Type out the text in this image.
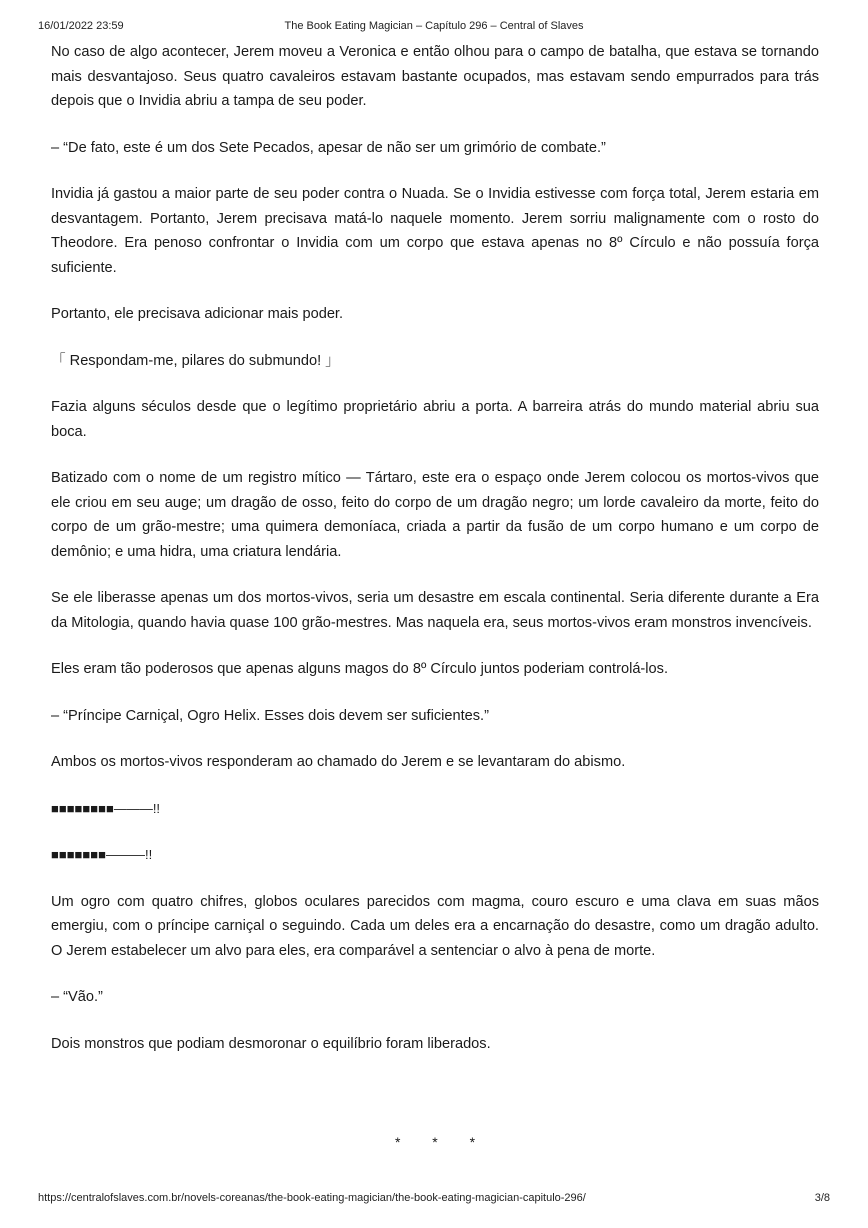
16/01/2022 23:59	The Book Eating Magician – Capítulo 296 – Central of Slaves

No caso de algo acontecer, Jerem moveu a Veronica e então olhou para o campo de batalha, que estava se tornando mais desvantajoso. Seus quatro cavaleiros estavam bastante ocupados, mas estavam sendo empurrados para trás depois que o Invidia abriu a tampa de seu poder.

– “De fato, este é um dos Sete Pecados, apesar de não ser um grimório de combate.”

Invidia já gastou a maior parte de seu poder contra o Nuada. Se o Invidia estivesse com força total, Jerem estaria em desvantagem. Portanto, Jerem precisava matá-lo naquele momento. Jerem sorriu malignamente com o rosto do Theodore. Era penoso confrontar o Invidia com um corpo que estava apenas no 8º Círculo e não possuía força suficiente.

Portanto, ele precisava adicionar mais poder.

「 Respondam-me, pilares do submundo! 」

Fazia alguns séculos desde que o legítimo proprietário abriu a porta. A barreira atrás do mundo material abriu sua boca.

Batizado com o nome de um registro mítico — Tártaro, este era o espaço onde Jerem colocou os mortos-vivos que ele criou em seu auge; um dragão de osso, feito do corpo de um dragão negro; um lorde cavaleiro da morte, feito do corpo de um grão-mestre; uma quimera demoníaca, criada a partir da fusão de um corpo humano e um corpo de demônio; e uma hidra, uma criatura lendária.

Se ele liberasse apenas um dos mortos-vivos, seria um desastre em escala continental. Seria diferente durante a Era da Mitologia, quando havia quase 100 grão-mestres. Mas naquela era, seus mortos-vivos eram monstros invencíveis.

Eles eram tão poderosos que apenas alguns magos do 8º Círculo juntos poderiam controlá-los.

– “Príncipe Carniçal, Ogro Helix. Esses dois devem ser suficientes.”

Ambos os mortos-vivos responderam ao chamado do Jerem e se levantaram do abismo.

■■■■■■■■———!!

■■■■■■■———!!

Um ogro com quatro chifres, globos oculares parecidos com magma, couro escuro e uma clava em suas mãos emergiu, com o príncipe carniçal o seguindo. Cada um deles era a encarnação do desastre, como um dragão adulto. O Jerem estabelecer um alvo para eles, era comparável a sentenciar o alvo à pena de morte.

– “Vão.”

Dois monstros que podiam desmoronar o equilíbrio foram liberados.

* * *
https://centralofslaves.com.br/novels-coreanas/the-book-eating-magician/the-book-eating-magician-capitulo-296/	3/8
